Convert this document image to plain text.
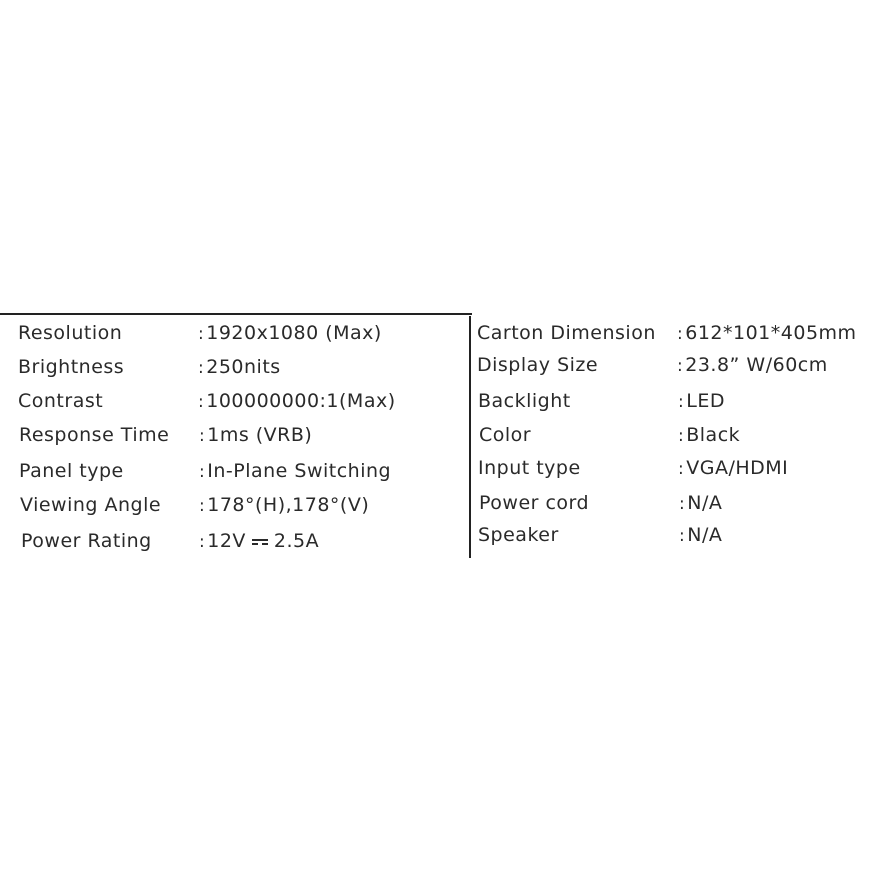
Resolution	: 1920x1080 (Max)
Brightness	: 250nits
Contrast	: 100000000:1(Max)
Response Time	: 1ms (VRB)
Panel type	: In-Plane Switching
Viewing Angle	: 178°(H),178°(V)
Power Rating	: 12V 2.5A
Carton Dimension	: 612*101*405mm
Display Size	: 23.8” W/60cm
Backlight	: LED
Color	: Black
Input type	: VGA/HDMI
Power cord	: N/A
Speaker	: N/A
